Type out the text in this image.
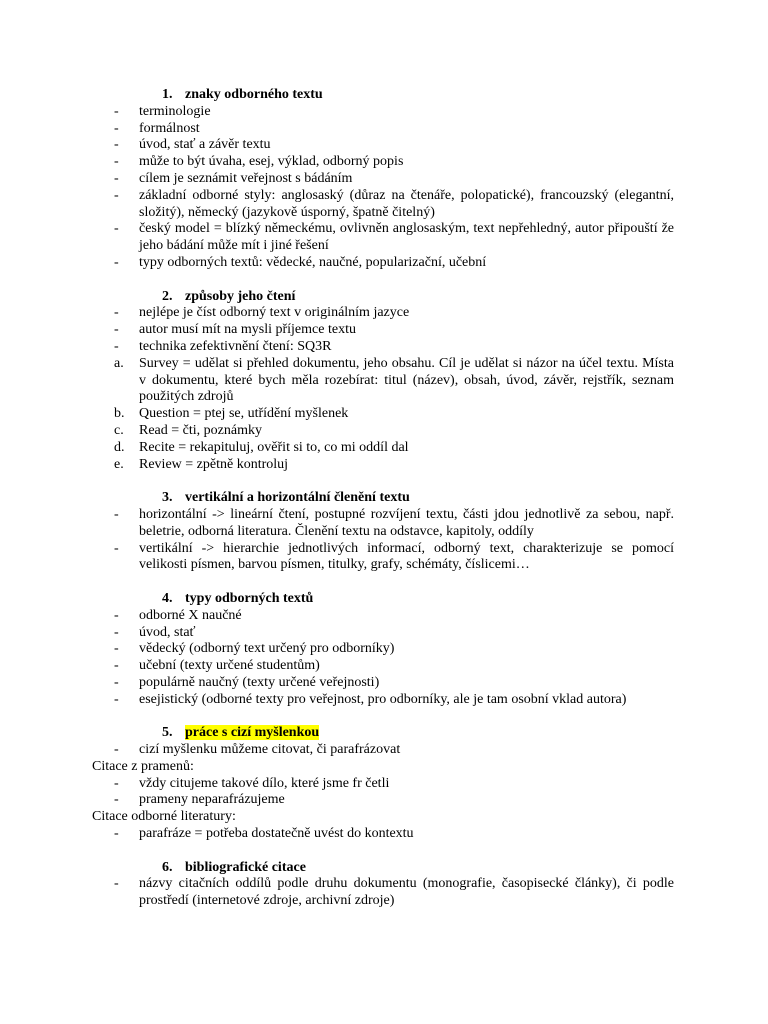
1. znaky odborného textu
-	terminologie
-	formálnost
-	úvod, stať a závěr textu
-	může to být úvaha, esej, výklad, odborný popis
-	cílem je seznámit veřejnost s bádáním
-	základní odborné styly: anglosaský (důraz na čtenáře, polopatické), francouzský (elegantní, složitý), německý (jazykově úsporný, špatně čitelný)
-	český model = blízký německému, ovlivněn anglosaským, text nepřehledný, autor připouští že jeho bádání může mít i jiné řešení
-	typy odborných textů: vědecké, naučné, popularizační, učební
2. způsoby jeho čtení
-	nejlépe je číst odborný text v originálním jazyce
-	autor musí mít na mysli příjemce textu
-	technika zefektivnění čtení: SQ3R
a.	Survey = udělat si přehled dokumentu, jeho obsahu. Cíl je udělat si názor na účel textu. Místa v dokumentu, které bych měla rozebírat: titul (název), obsah, úvod, závěr, rejstřík, seznam použitých zdrojů
b.	Question = ptej se, utřídění myšlenek
c.	Read = čti, poznámky
d.	Recite = rekapituluj, ověřit si to, co mi oddíl dal
e.	Review = zpětně kontroluj
3. vertikální a horizontální členění textu
-	horizontální -> lineární čtení, postupné rozvíjení textu, části jdou jednotlivě za sebou, např. beletrie, odborná literatura. Členění textu na odstavce, kapitoly, oddíly
-	vertikální -> hierarchie jednotlivých informací, odborný text, charakterizuje se pomocí velikosti písmen, barvou písmen, titulky, grafy, schémáty, číslicemi…
4. typy odborných textů
-	odborné X naučné
-	úvod, stať
-	vědecký (odborný text určený pro odborníky)
-	učební (texty určené studentům)
-	populárně naučný (texty určené veřejnosti)
-	esejistický (odborné texty pro veřejnost, pro odborníky, ale je tam osobní vklad autora)
5. práce s cizí myšlenkou
-	cizí myšlenku můžeme citovat, či parafrázovat
Citace z pramenů:
-	vždy citujeme takové dílo, které jsme fr četli
-	prameny neparafrázujeme
Citace odborné literatury:
-	parafráze = potřeba dostatečně uvést do kontextu
6. bibliografické citace
-	názvy citačních oddílů podle druhu dokumentu (monografie, časopisecké články), či podle prostředí (internetové zdroje, archivní zdroje)
